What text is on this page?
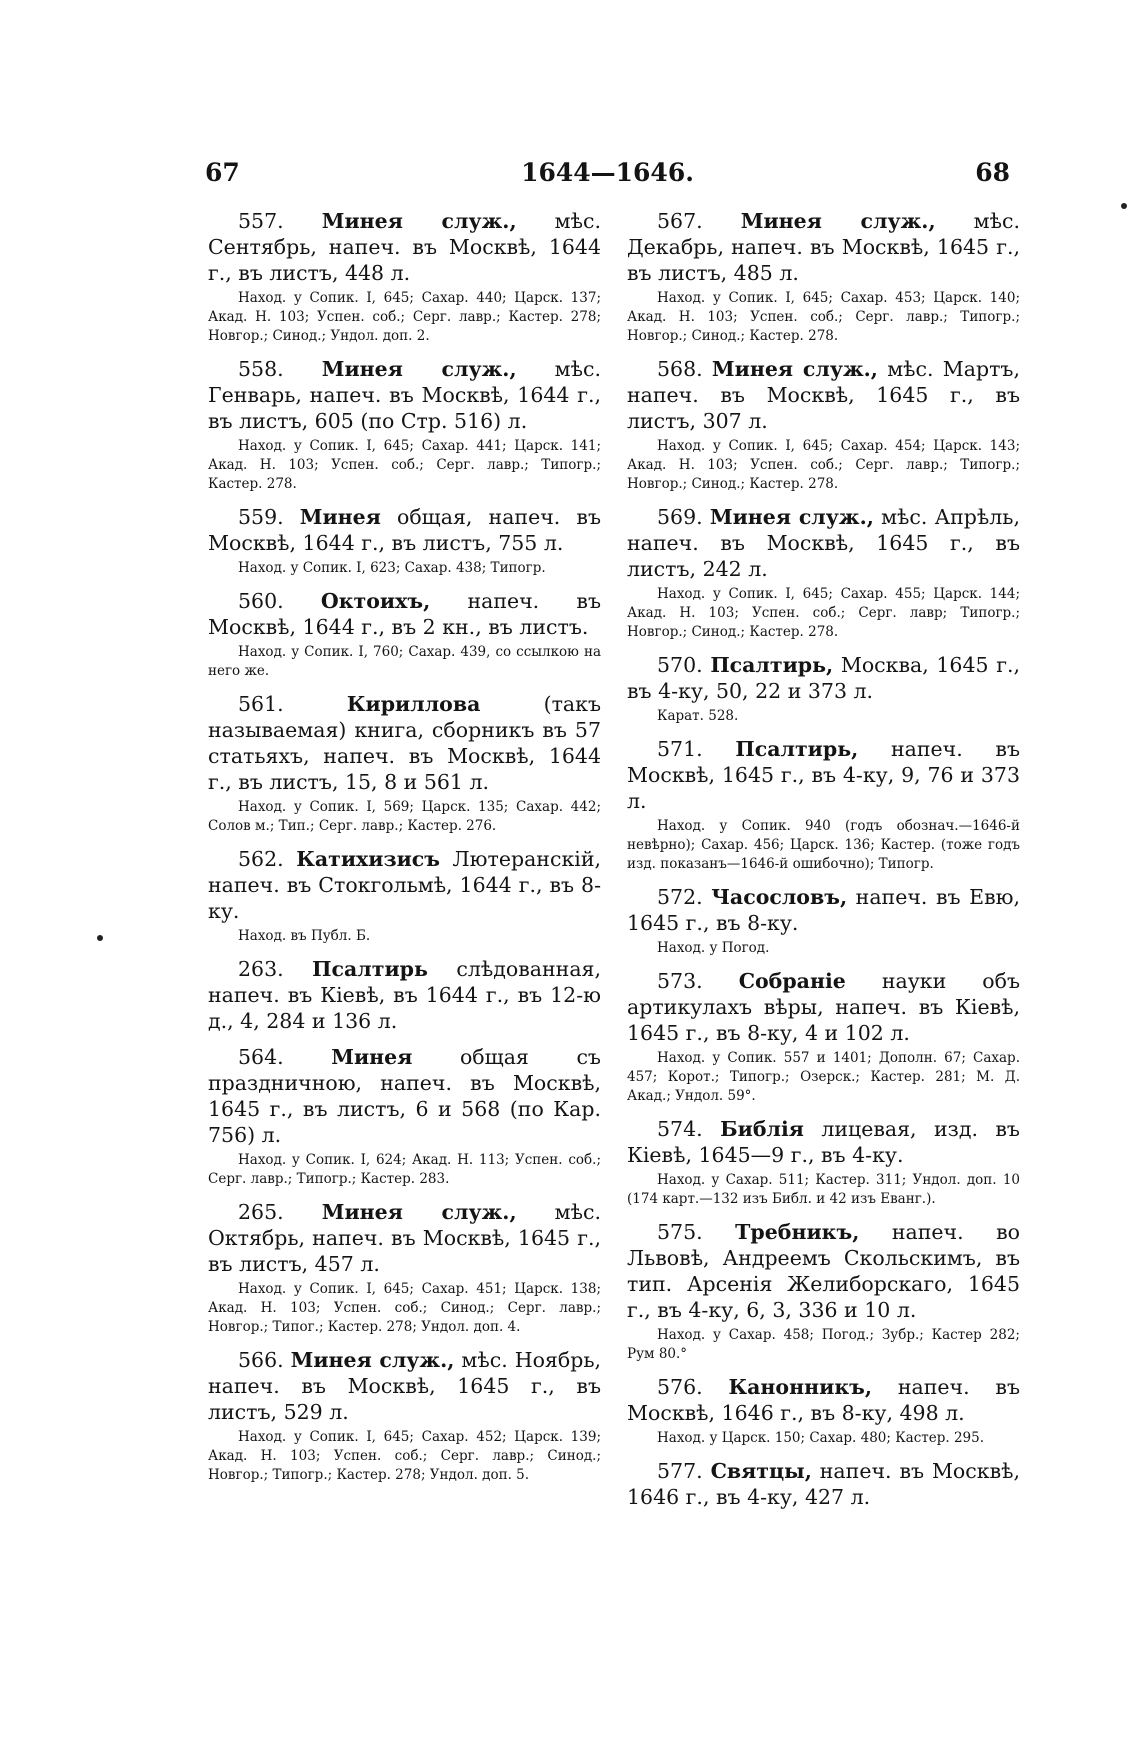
67	1644—1646.	68

557. Минея служ., мѣс. Сентябрь, напеч. въ Москвѣ, 1644 г., въ листъ, 448 л.

Наход. у Сопик. I, 645; Сахар. 440; Царск. 137; Акад. Н. 103; Успен. соб.; Серг. лавр.; Кастер. 278; Новгор.; Синод.; Ундол. доп. 2.

558. Минея служ., мѣс. Генварь, напеч. въ Москвѣ, 1644 г., въ листъ, 605 (по Стр. 516) л.

Наход. у Сопик. I, 645; Сахар. 441; Царск. 141; Акад. Н. 103; Успен. соб.; Серг. лавр.; Типогр.; Кастер. 278.

559. Минея общая, напеч. въ Москвѣ, 1644 г., въ листъ, 755 л.

Наход. у Сопик. I, 623; Сахар. 438; Типогр.

560. Октоихъ, напеч. въ Москвѣ, 1644 г., въ 2 кн., въ листъ.

Наход. у Сопик. I, 760; Сахар. 439, со ссылкою на него же.

561.	Кириллова (такъ называемая) книга, сборникъ въ 57 статьяхъ, напеч. въ Москвѣ, 1644 г., въ листъ, 15, 8 и 561 л.

Наход. у Сопик. I, 569; Царск. 135; Сахар. 442; Солов м.; Тип.; Серг. лавр.; Кастер. 276.

562. Катихизисъ Лютеранскій, напеч. въ Стокгольмѣ, 1644 г., въ 8-ку.

Наход. въ Публ. Б.

263. Псалтирь слѣдованная, напеч. въ Кіевѣ, въ 1644 г., въ 12-ю д., 4, 284 и 136 л.

564. Минея общая съ праздничною, напеч. въ Москвѣ, 1645 г., въ листъ, 6 и 568 (по Кар. 756) л.

Наход. у Сопик. I, 624; Акад. Н. 113; Успен. соб.; Серг. лавр.; Типогр.; Кастер. 283.

265. Минея служ., мѣс. Октябрь, напеч. въ Москвѣ, 1645 г., въ листъ, 457 л.

Наход. у Сопик. I, 645; Сахар. 451; Царск. 138; Акад. Н. 103; Успен. соб.; Синод.; Серг. лавр.; Новгор.; Типог.; Кастер. 278; Ундол. доп. 4.

566. Минея служ., мѣс. Ноябрь, напеч. въ Москвѣ, 1645 г., въ листъ, 529 л.

Наход. у Сопик. I, 645; Сахар. 452; Царск. 139; Акад. Н. 103; Успен. соб.; Серг. лавр.; Синод.; Новгор.; Типогр.; Кастер. 278; Ундол. доп. 5.

567. Минея служ., мѣс. Декабрь, напеч. въ Москвѣ, 1645 г., въ листъ, 485 л.

Наход. у Сопик. I, 645; Сахар. 453; Царск. 140; Акад. Н. 103; Успен. соб.; Серг. лавр.; Типогр.; Новгор.; Синод.; Кастер. 278.

568. Минея служ., мѣс. Мартъ, напеч. въ Москвѣ, 1645 г., въ листъ, 307 л.

Наход. у Сопик. I, 645; Сахар. 454; Царск. 143; Акад. Н. 103; Успен. соб.; Серг. лавр.; Типогр.; Новгор.; Синод.; Кастер. 278.

569. Минея служ., мѣс. Апрѣль, напеч. въ Москвѣ, 1645 г., въ листъ, 242 л.

Наход. у Сопик. I, 645; Сахар. 455; Царск. 144; Акад. Н. 103; Успен. соб.; Серг. лавр; Типогр.; Новгор.; Синод.; Кастер. 278.

570. Псалтирь, Москва, 1645 г., въ 4-ку, 50, 22 и 373 л.

Карат. 528.

571. Псалтирь, напеч. въ Москвѣ, 1645 г., въ 4-ку, 9, 76 и 373 л.

Наход. у Сопик. 940 (годъ обознач.—1646-й невѣрно); Сахар. 456; Царск. 136; Кастер. (тоже годъ изд. показанъ—1646-й ошибочно); Типогр.

572. Часословъ, напеч. въ Евю, 1645 г., въ 8-ку.

Наход. у Погод.

573. Собраніе науки объ артикулахъ вѣры, напеч. въ Кіевѣ, 1645 г., въ 8-ку, 4 и 102 л.

Наход. у Сопик. 557 и 1401; Дополн. 67; Сахар. 457; Корот.; Типогр.; Озерск.; Кастер. 281; М. Д. Акад.; Ундол. 59°.

574. Библія лицевая, изд. въ Кіевѣ, 1645—9 г., въ 4-ку.

Наход. у Сахар. 511; Кастер. 311; Ундол. доп. 10 (174 карт.—132 изъ Библ. и 42 изъ Еванг.).

575. Требникъ, напеч. во Львовѣ, Андреемъ Скольскимъ, въ тип. Арсенія Желиборскаго, 1645 г., въ 4-ку, 6, 3, 336 и 10 л.

Наход. у Сахар. 458; Погод.; Зубр.; Кастер 282; Рум 80.°

576. Канонникъ, напеч. въ Москвѣ, 1646 г., въ 8-ку, 498 л.

Наход. у Царск. 150; Сахар. 480; Кастер. 295.

577. Святцы, напеч. въ Москвѣ, 1646 г., въ 4-ку, 427 л.
